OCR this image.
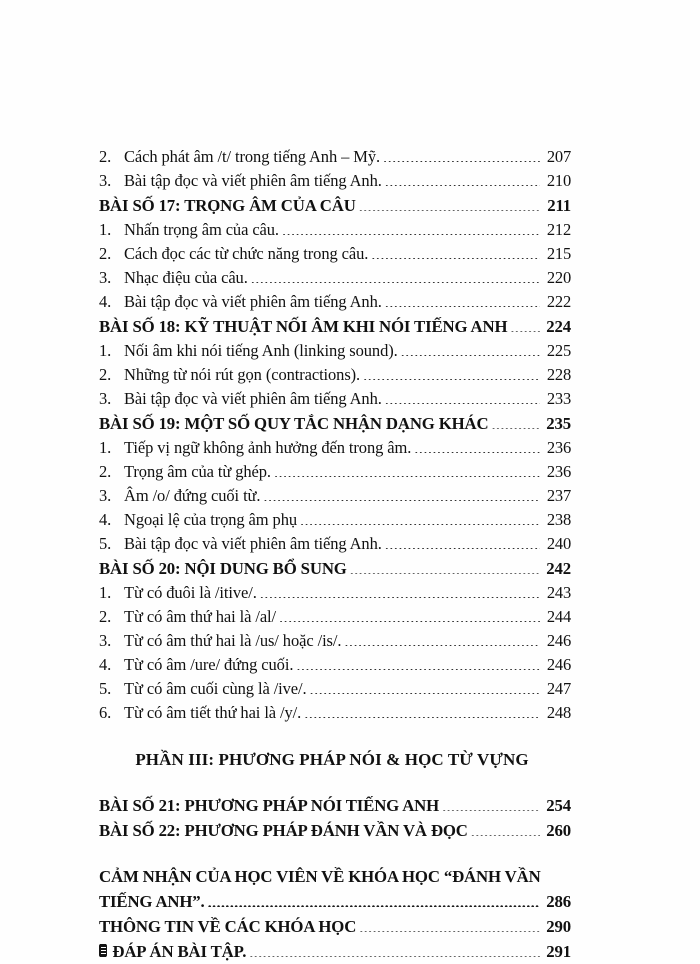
2. Cách phát âm /t/ trong tiếng Anh – Mỹ. .....	207
3. Bài tập đọc và viết phiên âm tiếng Anh. .....	210
BÀI SỐ 17: TRỌNG ÂM CỦA CÂU .....	211
1. Nhấn trọng âm của câu. .....	212
2. Cách đọc các từ chức năng trong câu. .....	215
3. Nhạc điệu của câu. .....	220
4. Bài tập đọc và viết phiên âm tiếng Anh. .....	222
BÀI SỐ 18: KỸ THUẬT NỐI ÂM KHI NÓI TIẾNG ANH .....	224
1. Nối âm khi nói tiếng Anh (linking sound). .....	225
2. Những từ nói rút gọn (contractions). .....	228
3. Bài tập đọc và viết phiên âm tiếng Anh. .....	233
BÀI SỐ 19: MỘT SỐ QUY TẮC NHẬN DẠNG KHÁC .....	235
1. Tiếp vị ngữ không ảnh hưởng đến trong âm. .....	236
2. Trọng âm của từ ghép. .....	236
3. Âm /o/ đứng cuối từ. .....	237
4. Ngoại lệ của trọng âm phụ .....	238
5. Bài tập đọc và viết phiên âm tiếng Anh. .....	240
BÀI SỐ 20: NỘI DUNG BỔ SUNG .....	242
1. Từ có đuôi là /itive/. .....	243
2. Từ có âm thứ hai là /al/ .....	244
3. Từ có âm thứ hai là /us/ hoặc /is/. .....	246
4. Từ có âm /ure/ đứng cuối. .....	246
5. Từ có âm cuối cùng là /ive/. .....	247
6. Từ có âm tiết thứ hai là /y/. .....	248
PHẦN III: PHƯƠNG PHÁP NÓI & HỌC TỪ VỰNG
BÀI SỐ 21: PHƯƠNG PHÁP NÓI TIẾNG ANH .....	254
BÀI SỐ 22: PHƯƠNG PHÁP ĐÁNH VẦN VÀ ĐỌC .....	260
CẢM NHẬN CỦA HỌC VIÊN VỀ KHÓA HỌC “ĐÁNH VẦN
TIẾNG ANH”. .....	286
THÔNG TIN VỀ CÁC KHÓA HỌC .....	290
ĐÁP ÁN BÀI TẬP. .....	291
